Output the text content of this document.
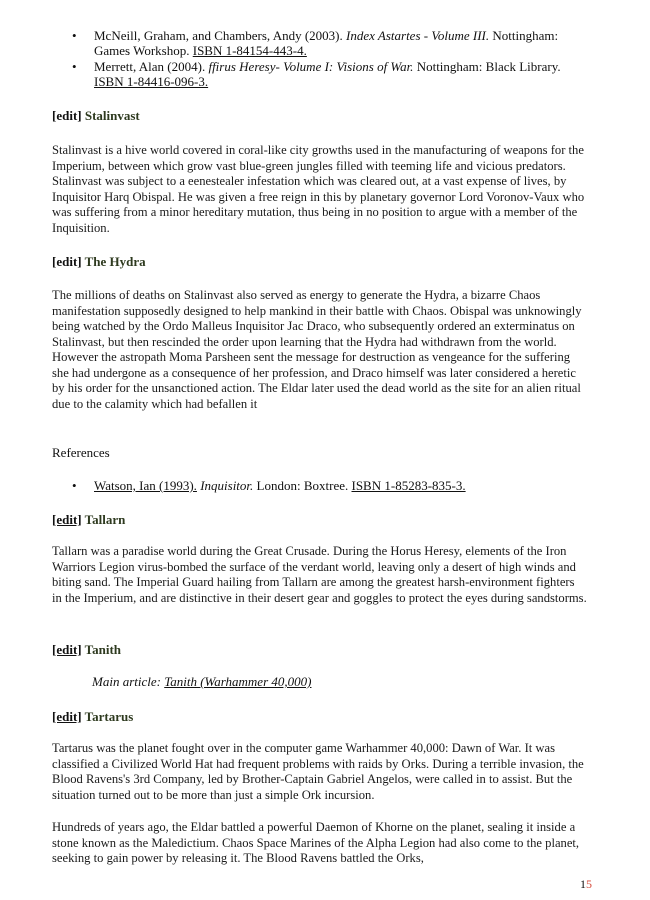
• McNeill, Graham, and Chambers, Andy (2003). Index Astartes - Volume III. Nottingham: Games Workshop. ISBN 1-84154-443-4.
• Merrett, Alan (2004). ffirus Heresy- Volume I: Visions of War. Nottingham: Black Library. ISBN 1-84416-096-3.
[edit] Stalinvast

Stalinvast is a hive world covered in coral-like city growths used in the manufacturing of weapons for the Imperium, between which grow vast blue-green jungles filled with teeming life and vicious predators. Stalinvast was subject to a eenestealer infestation which was cleared out, at a vast expense of lives, by Inquisitor Harq Obispal. He was given a free reign in this by planetary governor Lord Voronov-Vaux who was suffering from a minor hereditary mutation, thus being in no position to argue with a member of the Inquisition.

[edit] The Hydra

The millions of deaths on Stalinvast also served as energy to generate the Hydra, a bizarre Chaos manifestation supposedly designed to help mankind in their battle with Chaos. Obispal was unknowingly being watched by the Ordo Malleus Inquisitor Jac Draco, who subsequently ordered an exterminatus on Stalinvast, but then rescinded the order upon learning that the Hydra had withdrawn from the world. However the astropath Moma Parsheen sent the message for destruction as vengeance for the suffering she had undergone as a consequence of her profession, and Draco himself was later considered a heretic by his order for the unsanctioned action. The Eldar later used the dead world as the site for an alien ritual due to the calamity which had befallen it

References

• Watson, Ian (1993). Inquisitor. London: Boxtree. ISBN 1-85283-835-3.
[edit] Tallarn

Tallarn was a paradise world during the Great Crusade. During the Horus Heresy, elements of the Iron Warriors Legion virus-bombed the surface of the verdant world, leaving only a desert of high winds and biting sand. The Imperial Guard hailing from Tallarn are among the greatest harsh-environment fighters in the Imperium, and are distinctive in their desert gear and goggles to protect the eyes during sandstorms.

[edit] Tanith

Main article: Tanith (Warhammer 40,000)

[edit] Tartarus

Tartarus was the planet fought over in the computer game Warhammer 40,000: Dawn of War. It was classified a Civilized World Hat had frequent problems with raids by Orks. During a terrible invasion, the Blood Ravens's 3rd Company, led by Brother-Captain Gabriel Angelos, were called in to assist. But the situation turned out to be more than just a simple Ork incursion.

Hundreds of years ago, the Eldar battled a powerful Daemon of Khorne on the planet, sealing it inside a stone known as the Maledictium. Chaos Space Marines of the Alpha Legion had also come to the planet, seeking to gain power by releasing it. The Blood Ravens battled the Orks,

15
